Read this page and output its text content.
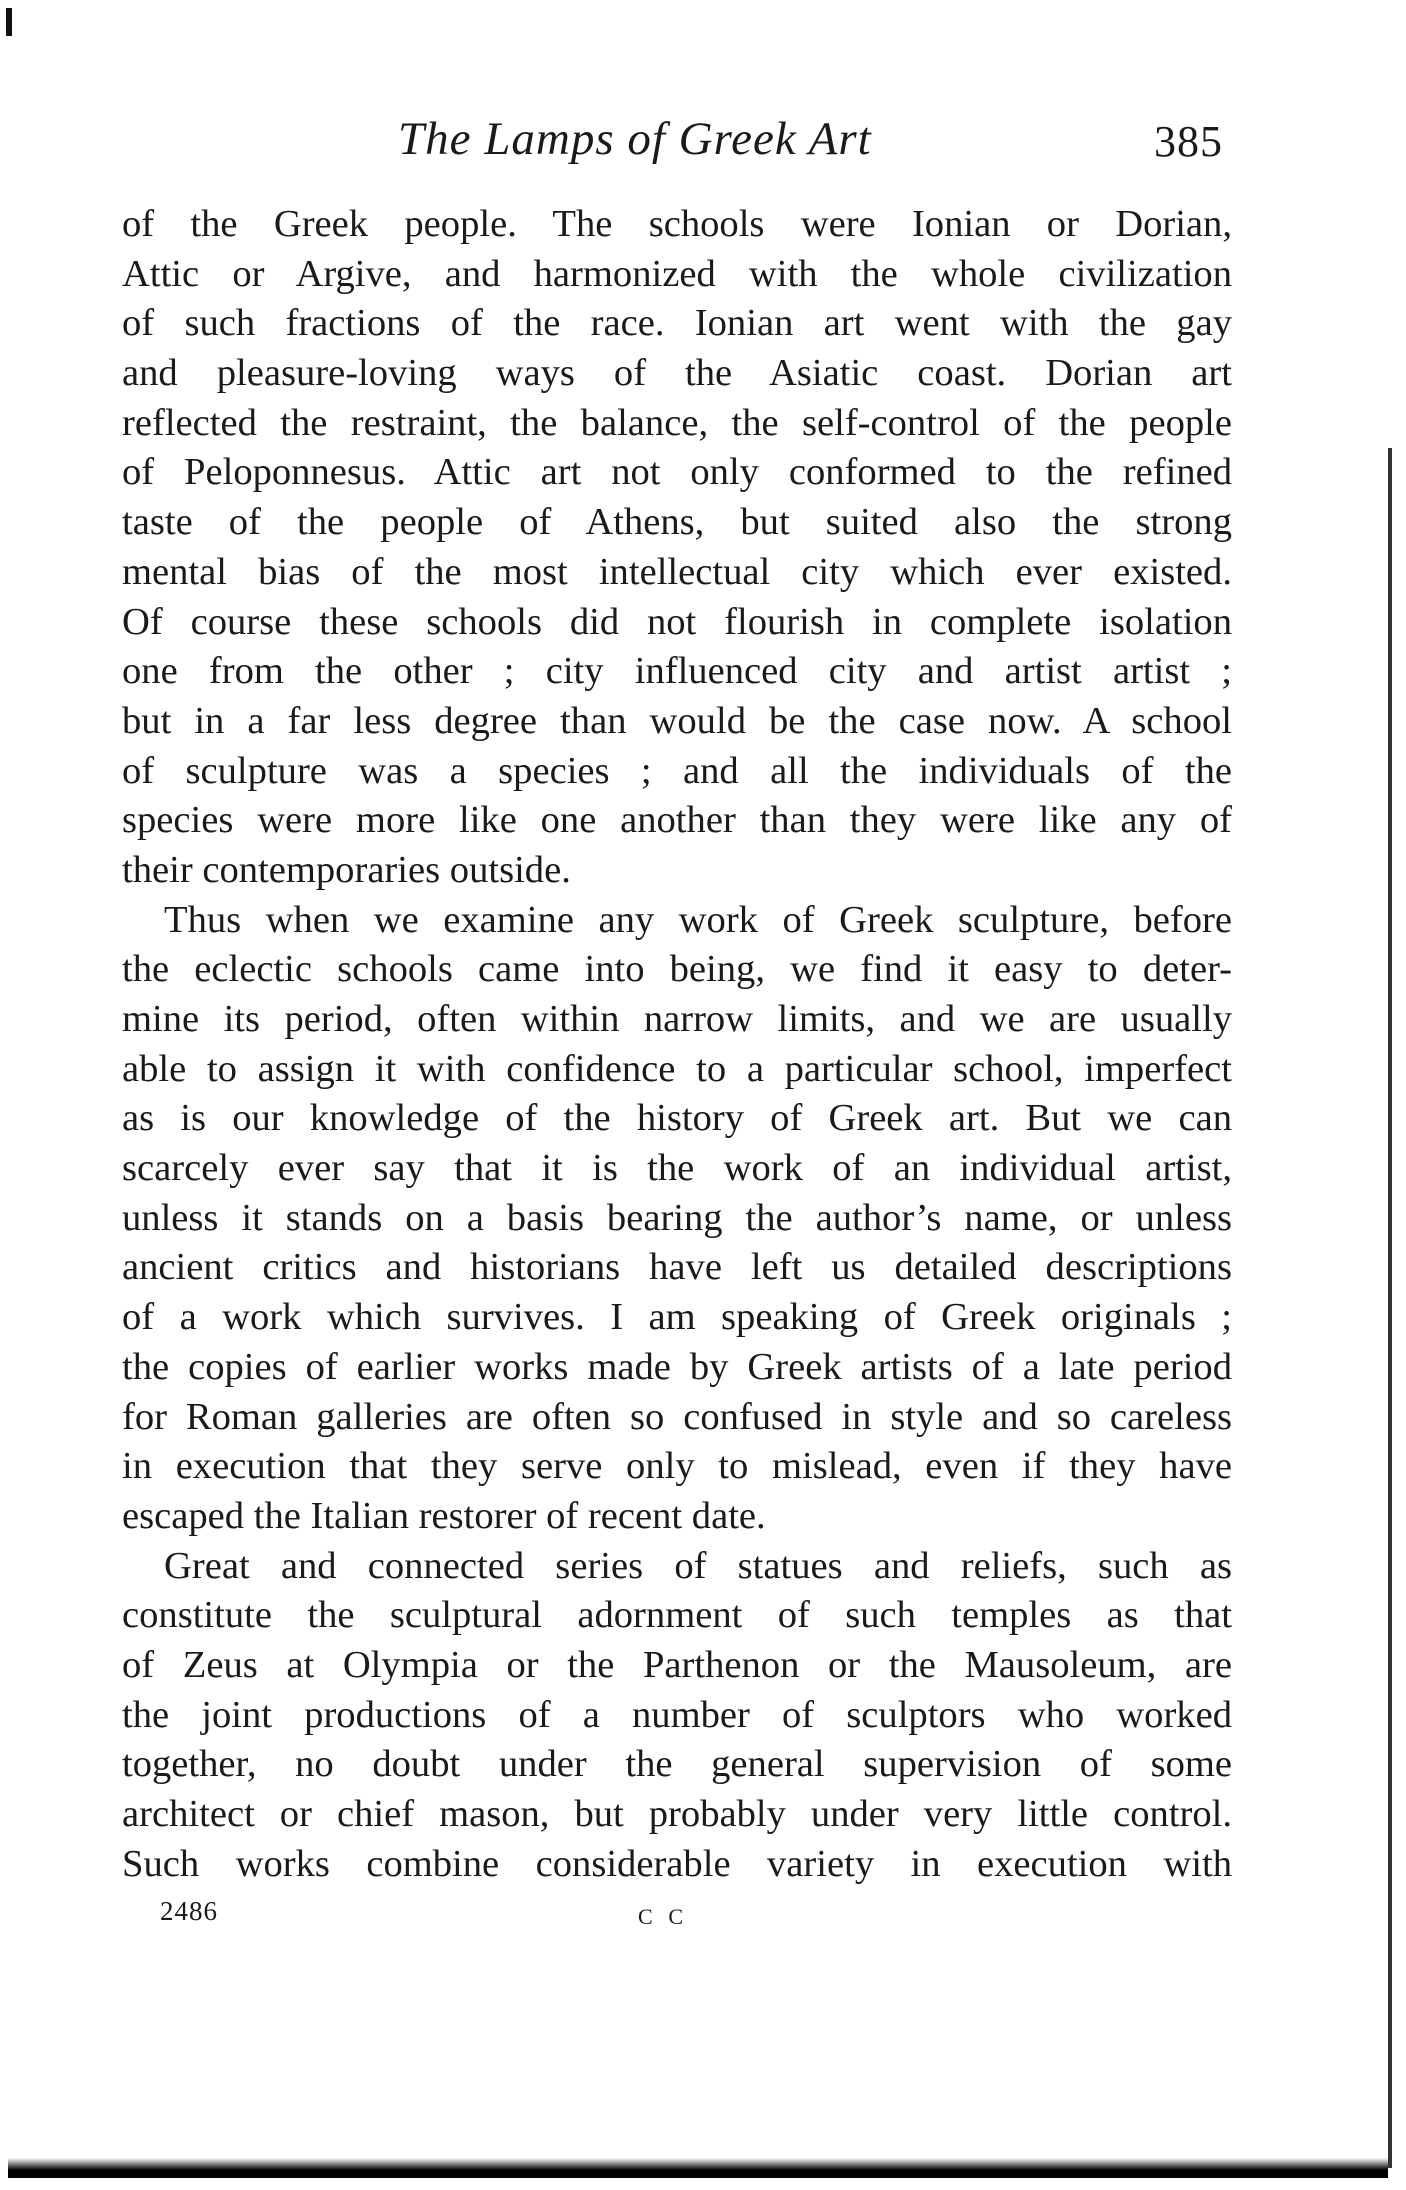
The Lamps of Greek Art	385
of the Greek people. The schools were Ionian or Dorian,
Attic or Argive, and harmonized with the whole civilization
of such fractions of the race. Ionian art went with the gay
and pleasure-loving ways of the Asiatic coast. Dorian art
reflected the restraint, the balance, the self-control of the people
of Peloponnesus. Attic art not only conformed to the refined
taste of the people of Athens, but suited also the strong
mental bias of the most intellectual city which ever existed.
Of course these schools did not flourish in complete isolation
one from the other ; city influenced city and artist artist ;
but in a far less degree than would be the case now. A school
of sculpture was a species ; and all the individuals of the
species were more like one another than they were like any of
their contemporaries outside.
Thus when we examine any work of Greek sculpture, before
the eclectic schools came into being, we find it easy to deter-
mine its period, often within narrow limits, and we are usually
able to assign it with confidence to a particular school, imperfect
as is our knowledge of the history of Greek art. But we can
scarcely ever say that it is the work of an individual artist,
unless it stands on a basis bearing the author’s name, or unless
ancient critics and historians have left us detailed descriptions
of a work which survives. I am speaking of Greek originals ;
the copies of earlier works made by Greek artists of a late period
for Roman galleries are often so confused in style and so careless
in execution that they serve only to mislead, even if they have
escaped the Italian restorer of recent date.
Great and connected series of statues and reliefs, such as
constitute the sculptural adornment of such temples as that
of Zeus at Olympia or the Parthenon or the Mausoleum, are
the joint productions of a number of sculptors who worked
together, no doubt under the general supervision of some
architect or chief mason, but probably under very little control.
Such works combine considerable variety in execution with
2486	c c
